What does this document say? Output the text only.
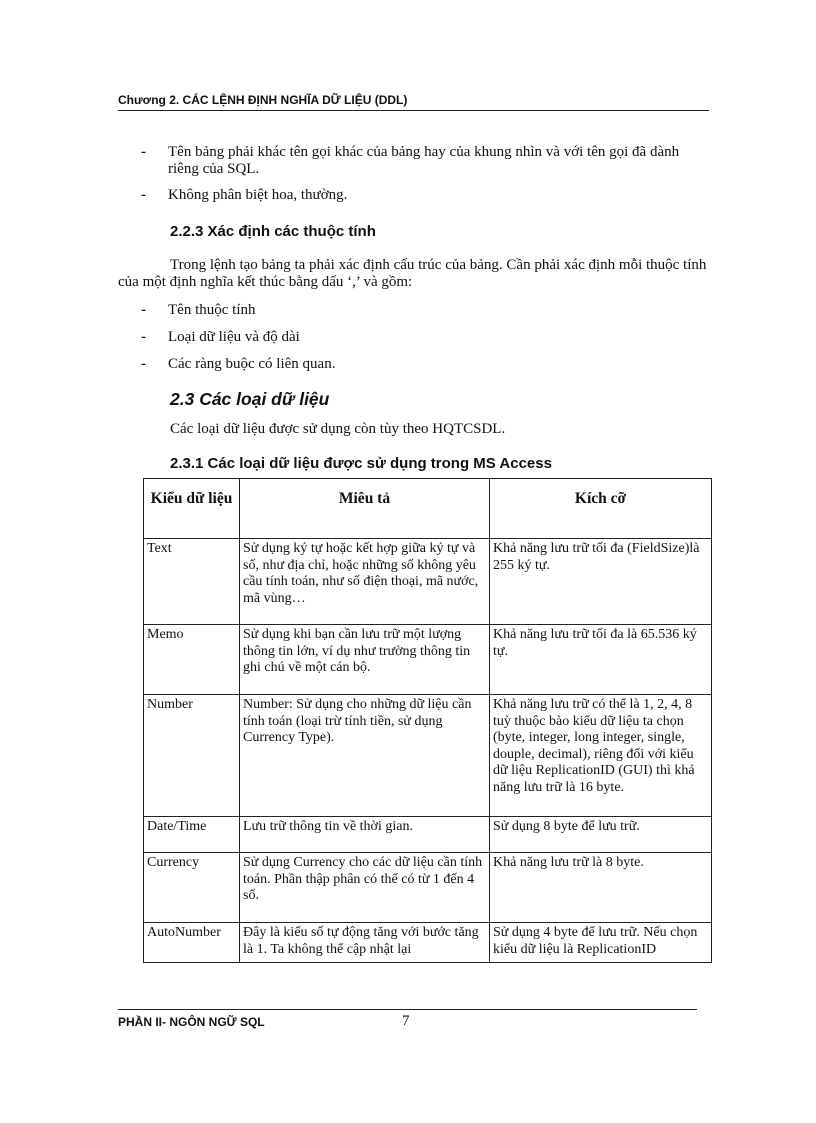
Chương 2. CÁC LỆNH ĐỊNH NGHĨA DỮ LIỆU (DDL)
- Tên bảng phải khác tên gọi khác của bảng hay của khung nhìn và với tên gọi đã dành riêng của SQL.
- Không phân biệt hoa, thường.
2.2.3 Xác định các thuộc tính
Trong lệnh tạo bảng ta phải xác định cấu trúc của bảng. Cần phải xác định mỗi thuộc tính của một định nghĩa kết thúc bằng dấu ‘,’ và gồm:
- Tên thuộc tính
- Loại dữ liệu và độ dài
- Các ràng buộc có liên quan.
2.3 Các loại dữ liệu
Các loại dữ liệu được sử dụng còn tùy theo HQTCSDL.
2.3.1 Các loại dữ liệu được sử dụng trong MS Access
Kiểu dữ liệu	Miêu tả	Kích cỡ
Text	Sử dụng ký tự hoặc kết hợp giữa ký tự và số, như địa chỉ, hoặc những số không yêu cầu tính toán, như số điện thoại, mã nước, mã vùng…	Khả năng lưu trữ tối đa (FieldSize)là 255 ký tự.
Memo	Sử dụng khi bạn cần lưu trữ một lượng thông tin lớn, ví dụ như trường thông tin ghi chú về một cán bộ.	Khả năng lưu trữ tối đa là 65.536 ký tự.
Number	Number: Sử dụng cho những dữ liệu cần tính toán (loại trừ tính tiền, sử dụng Currency Type).	Khả năng lưu trữ có thể là 1, 2, 4, 8 tuỳ thuộc bào kiểu dữ liệu ta chọn (byte, integer, long integer, single, douple, decimal), riêng đối với kiểu dữ liệu ReplicationID (GUI) thì khả năng lưu trữ là 16 byte.
Date/Time	Lưu trữ thông tin về thời gian.	Sử dụng 8 byte để lưu trữ.
Currency	Sử dụng Currency cho các dữ liệu cần tính toán. Phần thập phân có thể có từ 1 đến 4 số.	Khả năng lưu trữ là 8 byte.
AutoNumber	Đây là kiểu số tự động tăng với bước tăng là 1. Ta không thể cập nhật lại	Sử dụng 4 byte để lưu trữ. Nếu chọn kiểu dữ liệu là ReplicationID
PHẦN II- NGÔN NGỮ SQL	7
